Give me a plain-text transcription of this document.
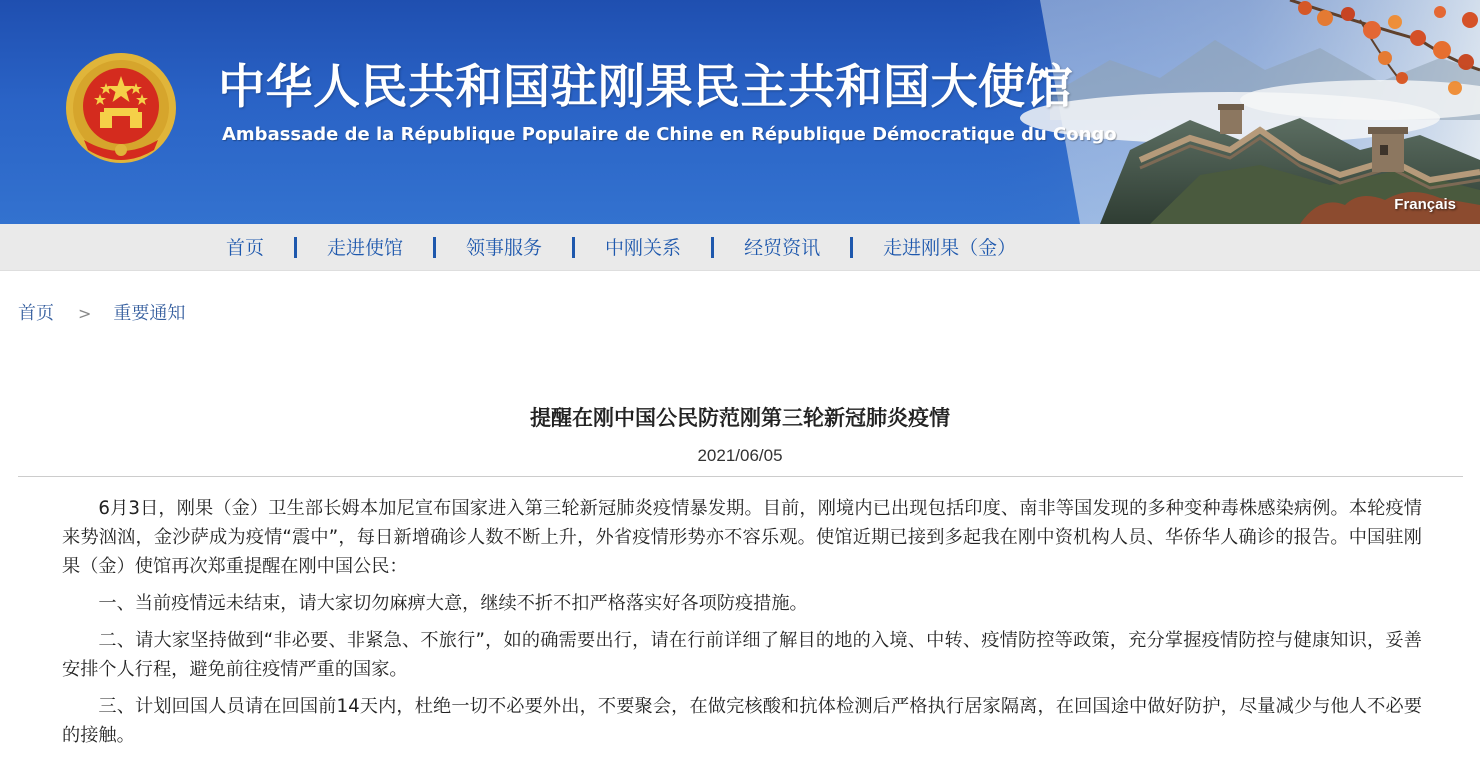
中华人民共和国驻刚果民主共和国大使馆
Ambassade de la République Populaire de Chine en République Démocratique du Congo
Français
首页	走进使馆	领事服务	中刚关系	经贸资讯	走进刚果（金）
首页 > 重要通知
提醒在刚中国公民防范刚第三轮新冠肺炎疫情
2021/06/05

6月3日，刚果（金）卫生部长姆本加尼宣布国家进入第三轮新冠肺炎疫情暴发期。目前，刚境内已出现包括印度、南非等国发现的多种变种毒株感染病例。本轮疫情来势汹汹，金沙萨成为疫情“震中”，每日新增确诊人数不断上升，外省疫情形势亦不容乐观。使馆近期已接到多起我在刚中资机构人员、华侨华人确诊的报告。中国驻刚果（金）使馆再次郑重提醒在刚中国公民：

一、当前疫情远未结束，请大家切勿麻痹大意，继续不折不扣严格落实好各项防疫措施。

二、请大家坚持做到“非必要、非紧急、不旅行”，如的确需要出行，请在行前详细了解目的地的入境、中转、疫情防控等政策，充分掌握疫情防控与健康知识，妥善安排个人行程，避免前往疫情严重的国家。

三、计划回国人员请在回国前14天内，杜绝一切不必要外出，不要聚会，在做完核酸和抗体检测后严格执行居家隔离，在回国途中做好防护，尽量减少与他人不必要的接触。
